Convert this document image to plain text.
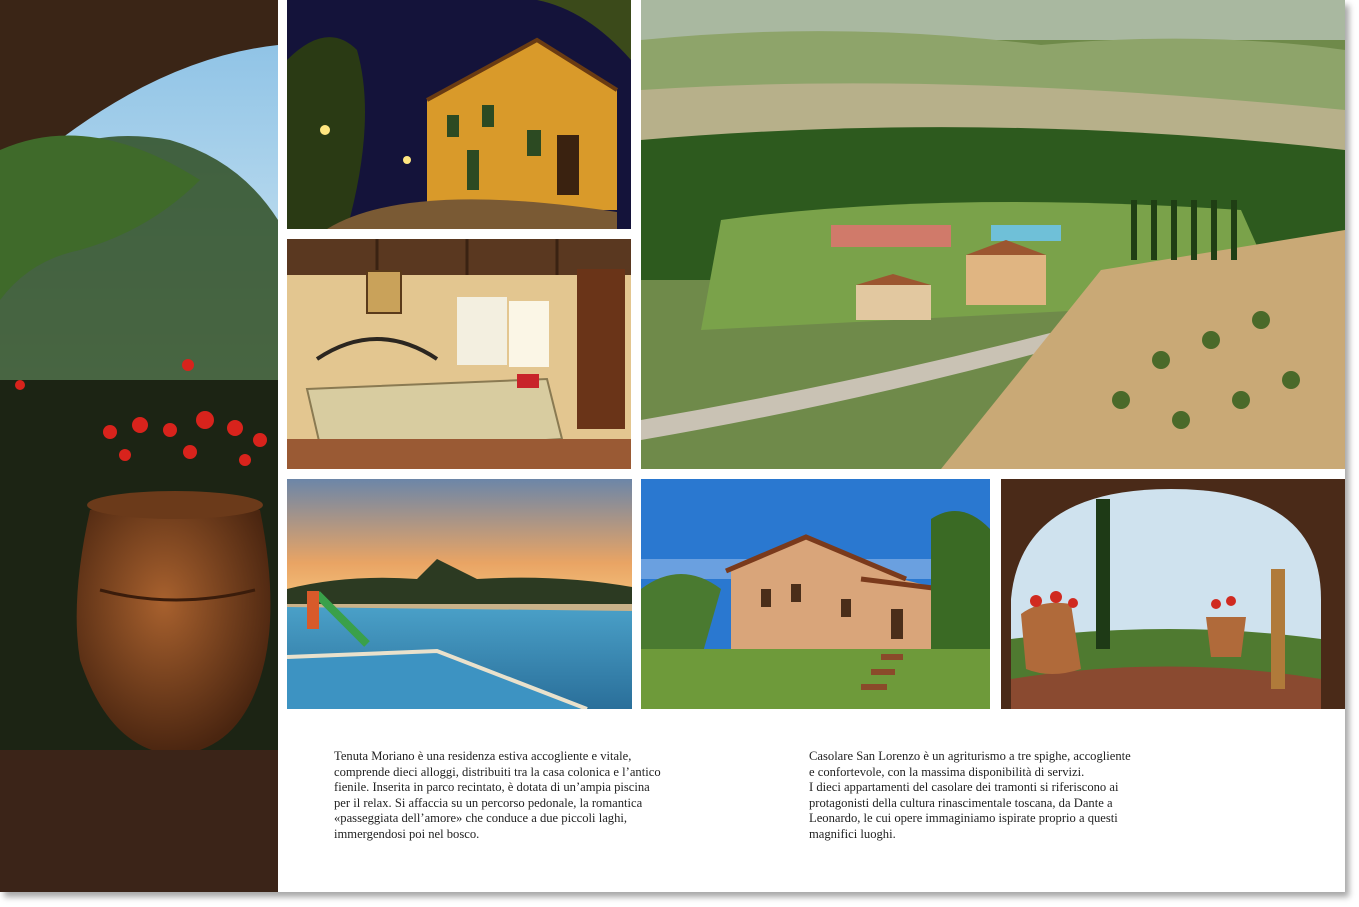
Tenuta Moriano è una residenza estiva accogliente e vitale,

comprende dieci alloggi, distribuiti tra la casa colonica e l’antico

fienile. Inserita in parco recintato, è dotata di un’ampia piscina

per il relax. Si affaccia su un percorso pedonale, la romantica

«passeggiata dell’amore» che conduce a due piccoli laghi,

immergendosi poi nel bosco.

Casolare San Lorenzo è un agriturismo a tre spighe, accogliente

e confortevole, con la massima disponibilità di servizi.

I dieci appartamenti del casolare dei tramonti si riferiscono ai

protagonisti della cultura rinascimentale toscana, da Dante a

Leonardo, le cui opere immaginiamo ispirate proprio a questi

magnifici luoghi.
